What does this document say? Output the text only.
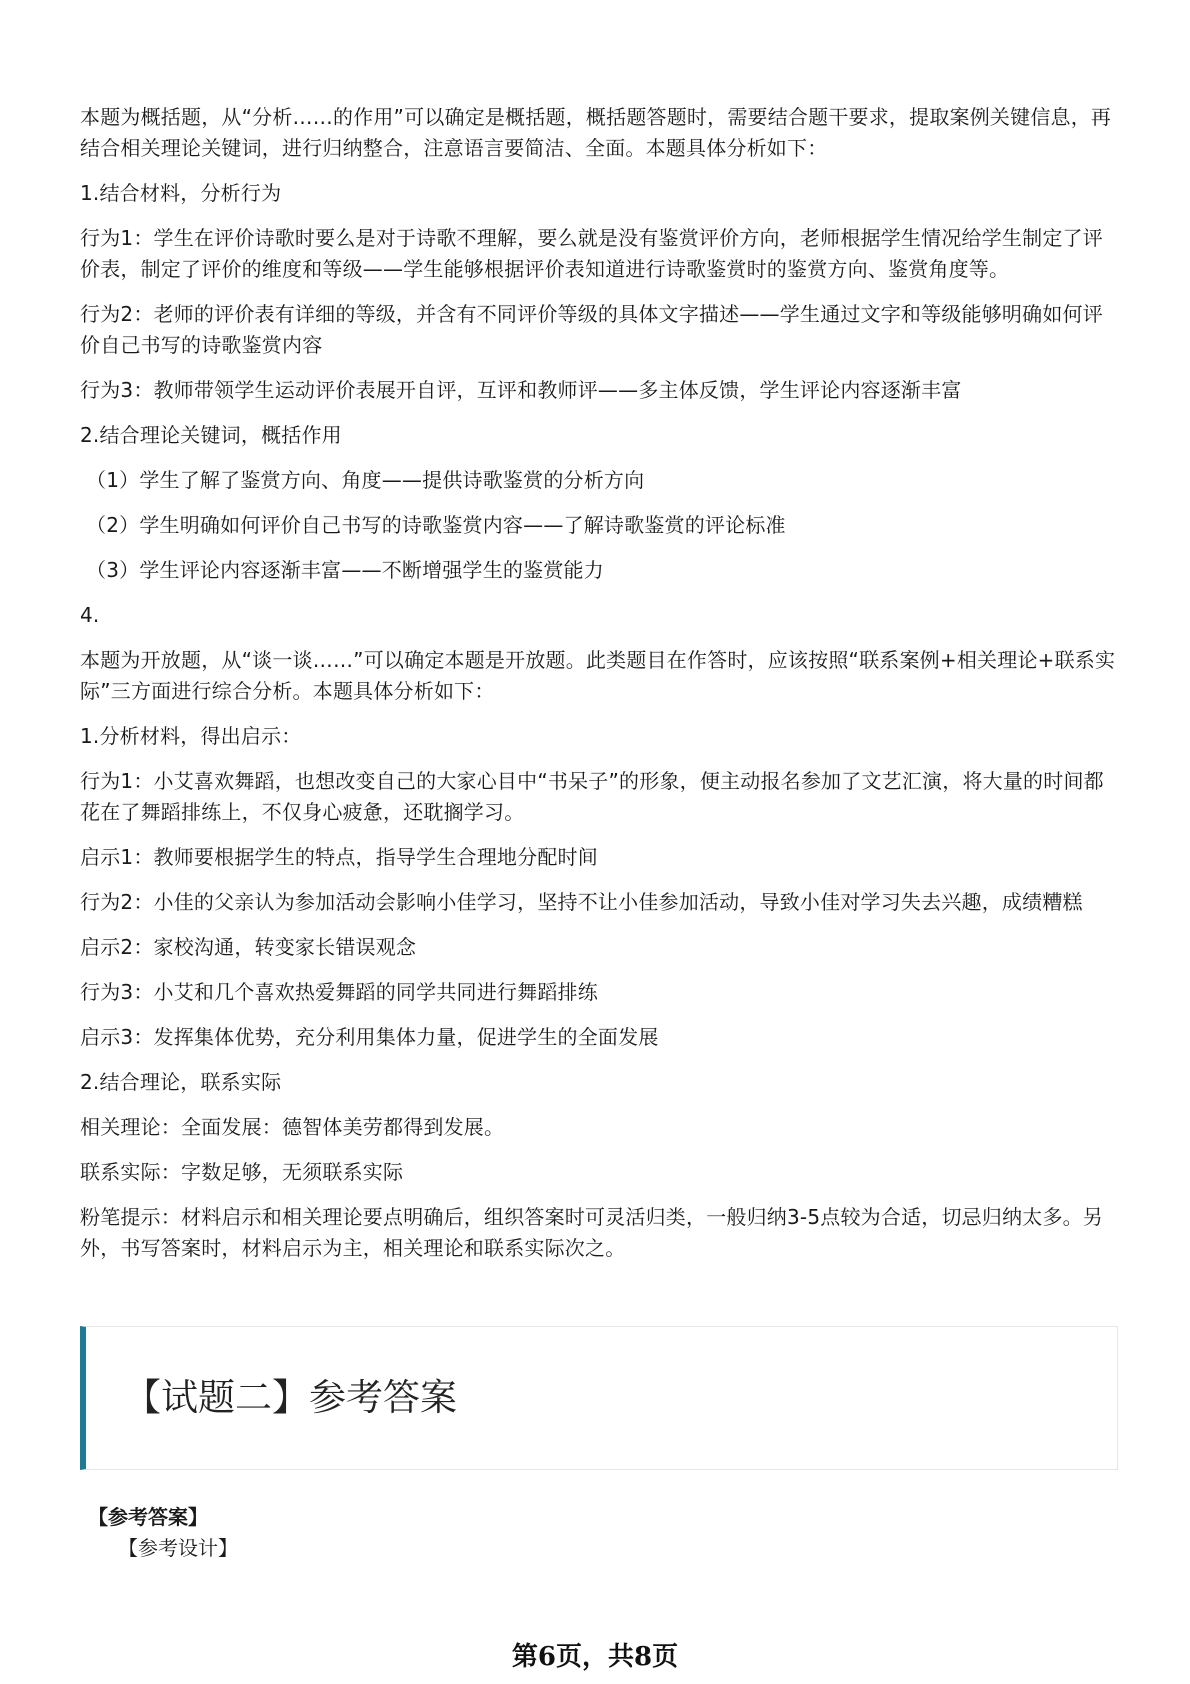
本题为概括题，从“分析……的作用”可以确定是概括题，概括题答题时，需要结合题干要求，提取案例关键信息，再结合相关理论关键词，进行归纳整合，注意语言要简洁、全面。本题具体分析如下：

1.结合材料，分析行为

行为1：学生在评价诗歌时要么是对于诗歌不理解，要么就是没有鉴赏评价方向，老师根据学生情况给学生制定了评价表，制定了评价的维度和等级——学生能够根据评价表知道进行诗歌鉴赏时的鉴赏方向、鉴赏角度等。

行为2：老师的评价表有详细的等级，并含有不同评价等级的具体文字描述——学生通过文字和等级能够明确如何评价自己书写的诗歌鉴赏内容

行为3：教师带领学生运动评价表展开自评，互评和教师评——多主体反馈，学生评论内容逐渐丰富

2.结合理论关键词，概括作用

（1）学生了解了鉴赏方向、角度——提供诗歌鉴赏的分析方向

（2）学生明确如何评价自己书写的诗歌鉴赏内容——了解诗歌鉴赏的评论标准

（3）学生评论内容逐渐丰富——不断增强学生的鉴赏能力

4.

本题为开放题，从“谈一谈……”可以确定本题是开放题。此类题目在作答时，应该按照“联系案例+相关理论+联系实际”三方面进行综合分析。本题具体分析如下：

1.分析材料，得出启示：

行为1：小艾喜欢舞蹈，也想改变自己的大家心目中“书呆子”的形象，便主动报名参加了文艺汇演，将大量的时间都花在了舞蹈排练上，不仅身心疲惫，还耽搁学习。

启示1：教师要根据学生的特点，指导学生合理地分配时间

行为2：小佳的父亲认为参加活动会影响小佳学习，坚持不让小佳参加活动，导致小佳对学习失去兴趣，成绩糟糕

启示2：家校沟通，转变家长错误观念

行为3：小艾和几个喜欢热爱舞蹈的同学共同进行舞蹈排练

启示3：发挥集体优势，充分利用集体力量，促进学生的全面发展

2.结合理论，联系实际

相关理论：全面发展：德智体美劳都得到发展。

联系实际：字数足够，无须联系实际

粉笔提示：材料启示和相关理论要点明确后，组织答案时可灵活归类，一般归纳3-5点较为合适，切忌归纳太多。另外，书写答案时，材料启示为主，相关理论和联系实际次之。

【试题二】参考答案
【参考答案】
【参考设计】
第6页，共8页
